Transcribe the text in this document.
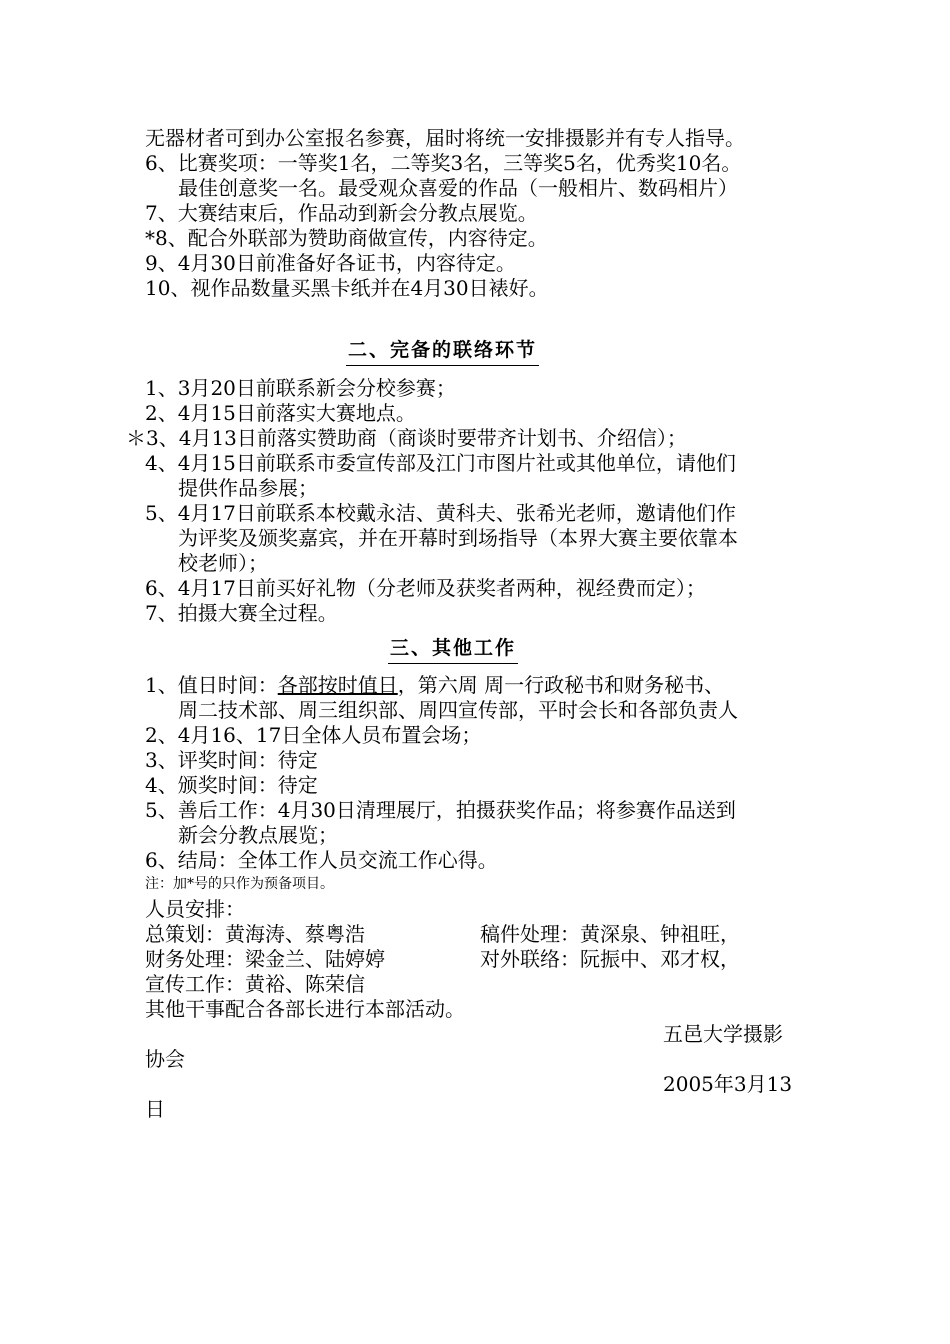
无器材者可到办公室报名参赛，届时将统一安排摄影并有专人指导。
6、比赛奖项：一等奖1名，二等奖3名，三等奖5名，优秀奖10名。
最佳创意奖一名。最受观众喜爱的作品（一般相片、数码相片）
7、大赛结束后，作品动到新会分教点展览。
*8、配合外联部为赞助商做宣传，内容待定。
9、4月30日前准备好各证书，内容待定。
10、视作品数量买黑卡纸并在4月30日裱好。
二、完备的联络环节
1、3月20日前联系新会分校参赛；
2、4月15日前落实大赛地点。
＊3、4月13日前落实赞助商（商谈时要带齐计划书、介绍信）；
4、4月15日前联系市委宣传部及江门市图片社或其他单位，请他们
提供作品参展；
5、4月17日前联系本校戴永洁、黄科夫、张希光老师，邀请他们作
为评奖及颁奖嘉宾，并在开幕时到场指导（本界大赛主要依靠本
校老师）；
6、4月17日前买好礼物（分老师及获奖者两种，视经费而定）；
7、拍摄大赛全过程。
三、其他工作
1、值日时间：各部按时值日，第六周 周一行政秘书和财务秘书、
周二技术部、周三组织部、周四宣传部，平时会长和各部负责人
2、4月16、17日全体人员布置会场；
3、评奖时间：待定
4、颁奖时间：待定
5、善后工作：4月30日清理展厅，拍摄获奖作品；将参赛作品送到
新会分教点展览；
6、结局：全体工作人员交流工作心得。
注：加*号的只作为预备项目。
人员安排：
总策划：黄海涛、蔡粤浩	稿件处理：黄深泉、钟祖旺，
财务处理：梁金兰、陆婷婷	对外联络：阮振中、邓才权，
宣传工作：黄裕、陈荣信
其他干事配合各部长进行本部活动。
五邑大学摄影
协会
2005年3月13
日
